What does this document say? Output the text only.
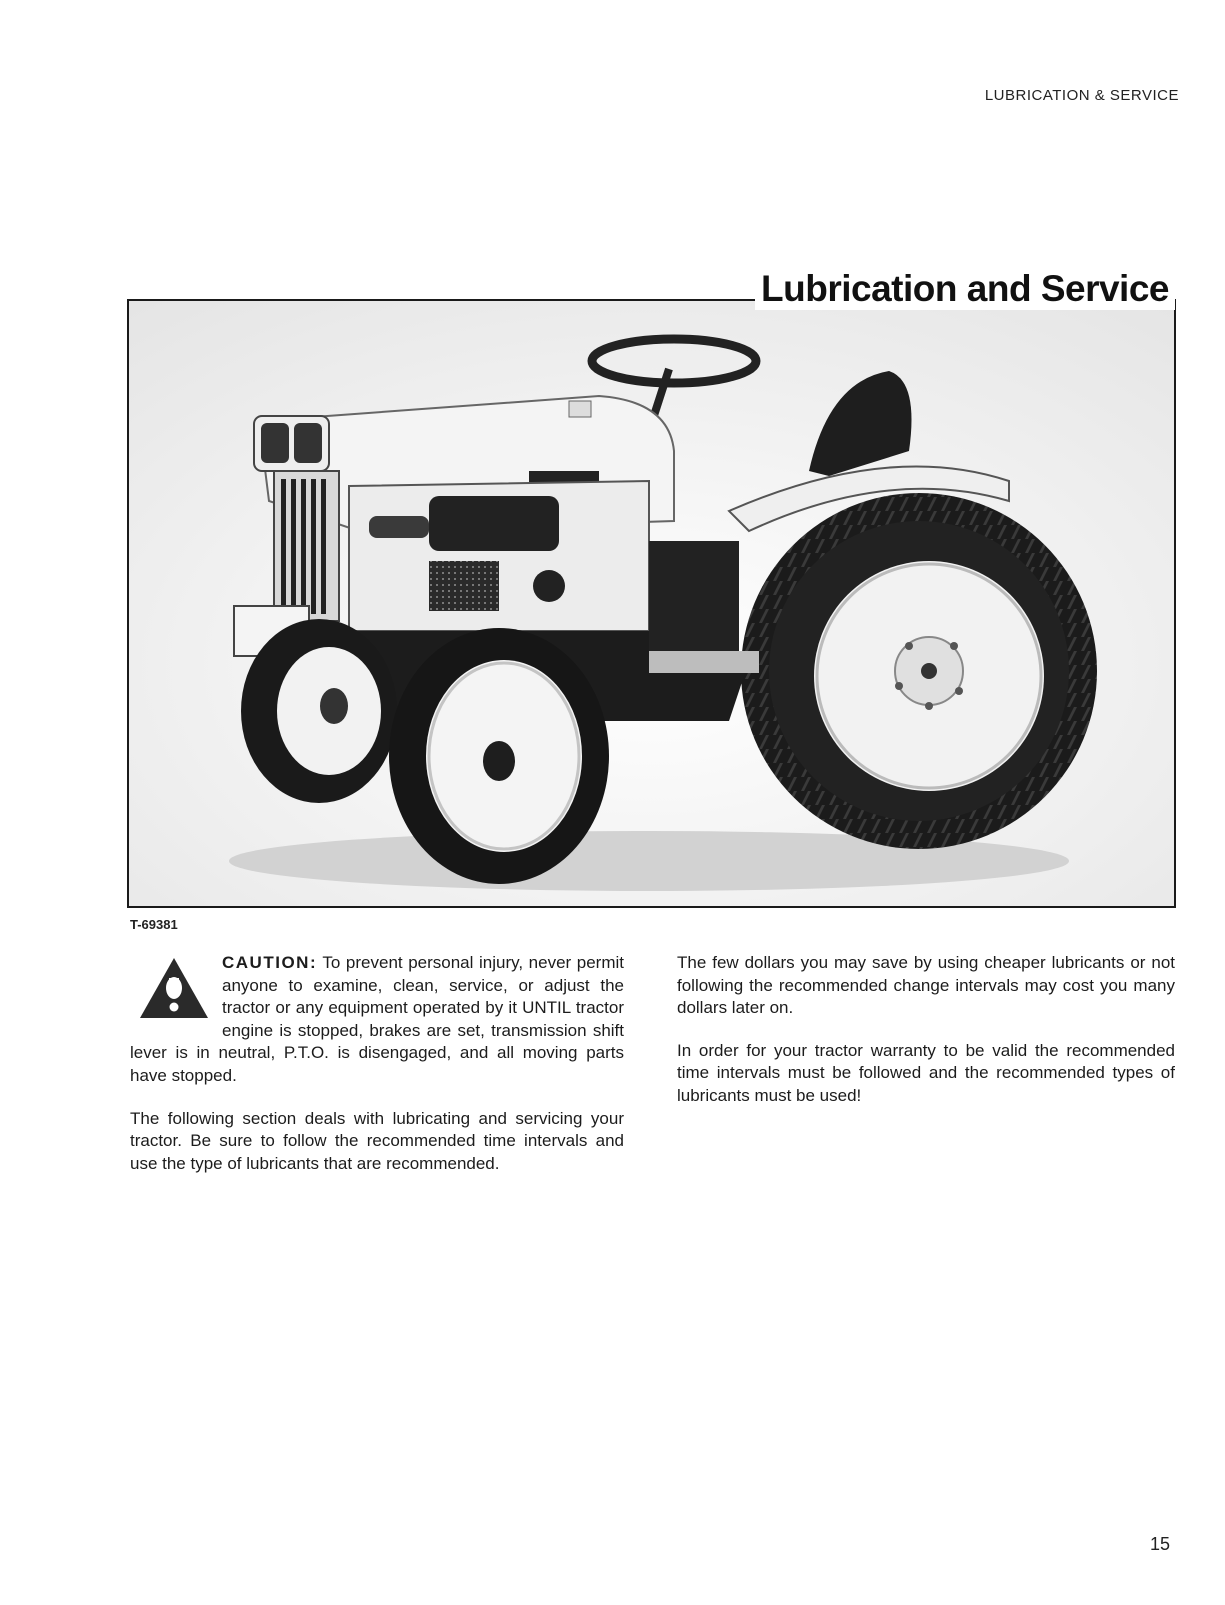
LUBRICATION & SERVICE
Lubrication and Service
T-69381

CAUTION: To prevent personal injury, never permit anyone to examine, clean, service, or adjust the tractor or any equipment operated by it UNTIL tractor engine is stopped, brakes are set, transmission shift lever is in neutral, P.T.O. is disengaged, and all moving parts have stopped.

The following section deals with lubricating and servicing your tractor. Be sure to follow the recommended time intervals and use the type of lubricants that are recommended.

The few dollars you may save by using cheaper lubricants or not following the recommended change intervals may cost you many dollars later on.

In order for your tractor warranty to be valid the recommended time intervals must be followed and the recommended types of lubricants must be used!

15
